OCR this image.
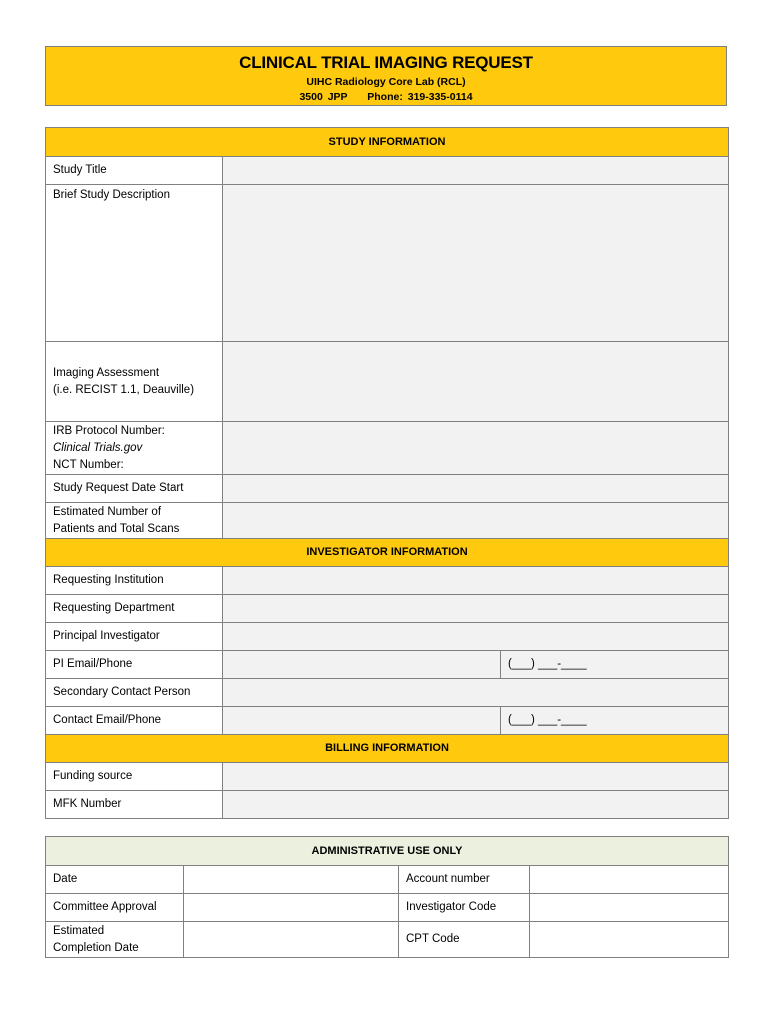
CLINICAL TRIAL IMAGING REQUEST
UIHC Radiology Core Lab (RCL)
3500 JPP Phone: 319-335-0114
STUDY INFORMATION		
Study Title		
Brief Study Description		

Imaging Assessment
(i.e. RECIST 1.1, Deauville)		

IRB Protocol Number:
Clinical Trials.gov
NCT Number:		

Study Request Date Start		

Estimated Number of
Patients and Total Scans		

INVESTIGATOR INFORMATION		
Requesting Institution		
Requesting Department		
Principal Investigator		
PI Email/Phone		(___) ___-____
Secondary Contact Person		
Contact Email/Phone		(___) ___-____
BILLING INFORMATION		
Funding source		
MFK Number		
ADMINISTRATIVE USE ONLY			
Date		Account number	
Committee Approval		Investigator Code	

Estimated
Completion Date		CPT Code	
